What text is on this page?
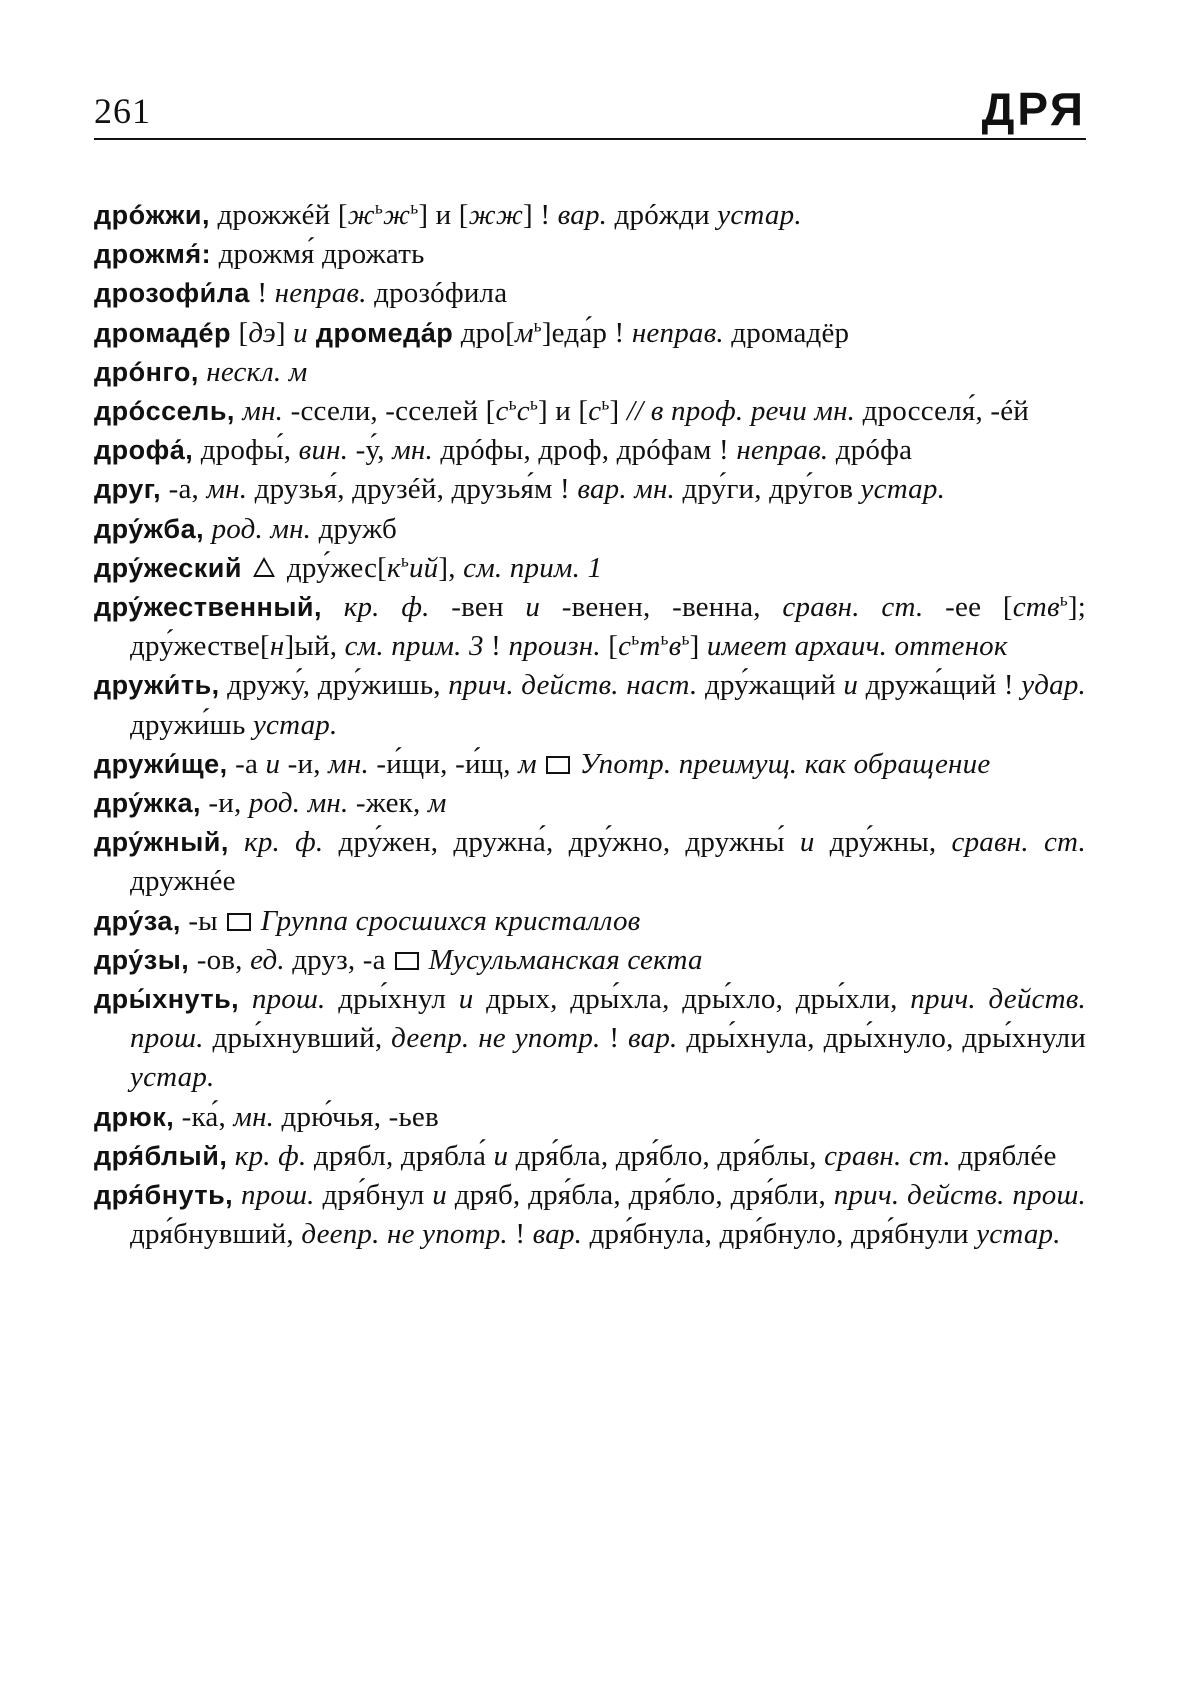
261	ДРЯ
дрóжжи, дрожжéй $[ж^ьж^ь]$ и [жж] ! вар. дрóжди устар.
дрожмя́: дрожмя́ дрожать
дрозофи́ла ! неправ. дрозóфила
дромадéр [дэ] и дромеда́р $дро[м^ь]еда́р$ ! неправ. дромадёр
дрóнго, нескл. м
дрóссель, мн. -ссели, -сселей $[с^ьс^ь]$ и $[с^ь]$ // в проф. речи мн. дросселя́, -éй
дрофа́, дрофы́, вин. -у́, мн. дрóфы, дроф, дрóфам ! неправ. дрóфа
друг, -а, мн. друзья́, друзéй, друзья́м ! вар. мн. дру́ги, дру́гов устар.
дру́жба, род. мн. дружб
дру́жеский  $дру́жес[к^ьий]$, см. прим. 1
дру́жественный, кр. ф. -вен и -венен, -венна, сравн. ст. -ее [ств$^ь$]; дру́жестве[н]ый, см. прим. 3 ! произн. $[с^ьт^ьв^ь]$ имеет архаич. оттенок
дружи́ть, дружу́, дру́жишь, прич. действ. наст. дру́жащий и дружа́щий ! удар. дружи́шь устар.
дружи́ще, -а и -и, мн. -и́щи, -и́щ, м  Употр. преимущ. как обращение
дру́жка, -и, род. мн. -жек, м
дру́жный, кр. ф. дру́жен, дружна́, дру́жно, дружны́ и дру́жны, сравн. ст. дружнéе
дру́за, -ы  Группа сросшихся кристаллов
дру́зы, -ов, ед. друз, -а  Мусульманская секта
дры́хнуть, прош. дры́хнул и дрых, дры́хла, дры́хло, дры́хли, прич. действ. прош. дры́хнувший, деепр. не употр. ! вар. дры́хнула, дры́хнуло, дры́хнули устар.
дрюк, -ка́, мн. дрю́чья, -ьев
дря́блый, кр. ф. дрябл, дрябла́ и дря́бла, дря́бло, дря́блы, сравн. ст. дряблéе
дря́бнуть, прош. дря́бнул и дряб, дря́бла, дря́бло, дря́бли, прич. действ. прош. дря́бнувший, деепр. не употр. ! вар. дря́бнула, дря́бнуло, дря́бнули устар.
